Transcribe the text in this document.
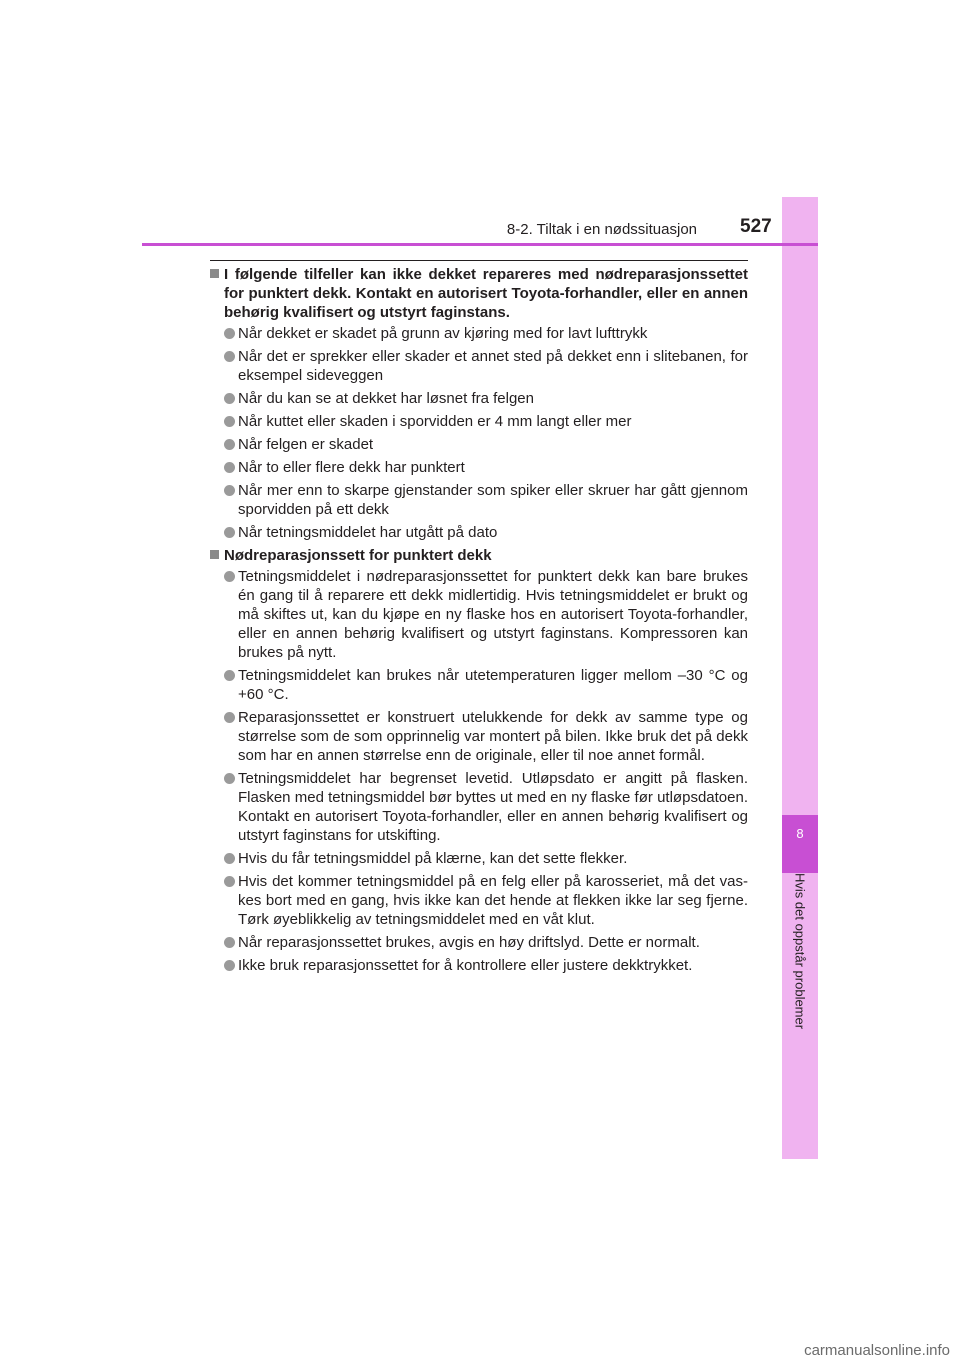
8
Hvis det oppstår problemer
8-2. Tiltak i en nødssituasjon 527
I følgende tilfeller kan ikke dekket repareres med nødreparasjonssettet for punktert dekk. Kontakt en autorisert Toyota-forhandler, eller en annen behørig kvalifisert og utstyrt faginstans.
Når dekket er skadet på grunn av kjøring med for lavt lufttrykk
Når det er sprekker eller skader et annet sted på dekket enn i slitebanen, for eksempel sideveggen
Når du kan se at dekket har løsnet fra felgen
Når kuttet eller skaden i sporvidden er 4 mm langt eller mer
Når felgen er skadet
Når to eller flere dekk har punktert
Når mer enn to skarpe gjenstander som spiker eller skruer har gått gjennom sporvidden på ett dekk
Når tetningsmiddelet har utgått på dato
Nødreparasjonssett for punktert dekk
Tetningsmiddelet i nødreparasjonssettet for punktert dekk kan bare brukes én gang til å reparere ett dekk midlertidig. Hvis tetningsmiddelet er brukt og må skiftes ut, kan du kjøpe en ny flaske hos en autorisert Toyota-forhandler, eller en annen behørig kvalifisert og utstyrt faginstans. Kompressoren kan brukes på nytt.
Tetningsmiddelet kan brukes når utetemperaturen ligger mellom –30 °C og +60 °C.
Reparasjonssettet er konstruert utelukkende for dekk av samme type og størrelse som de som opprinnelig var montert på bilen. Ikke bruk det på dekk som har en annen størrelse enn de originale, eller til noe annet formål.
Tetningsmiddelet har begrenset levetid. Utløpsdato er angitt på flasken. Flasken med tetningsmiddel bør byttes ut med en ny flaske før utløpsdatoen. Kontakt en autorisert Toyota-forhandler, eller en annen behørig kvalifisert og utstyrt faginstans for utskifting.
Hvis du får tetningsmiddel på klærne, kan det sette flekker.
Hvis det kommer tetningsmiddel på en felg eller på karosseriet, må det vas-kes bort med en gang, hvis ikke kan det hende at flekken ikke lar seg fjerne. Tørk øyeblikkelig av tetningsmiddelet med en våt klut.
Når reparasjonssettet brukes, avgis en høy driftslyd. Dette er normalt.
Ikke bruk reparasjonssettet for å kontrollere eller justere dekktrykket.
carmanualsonline.info
